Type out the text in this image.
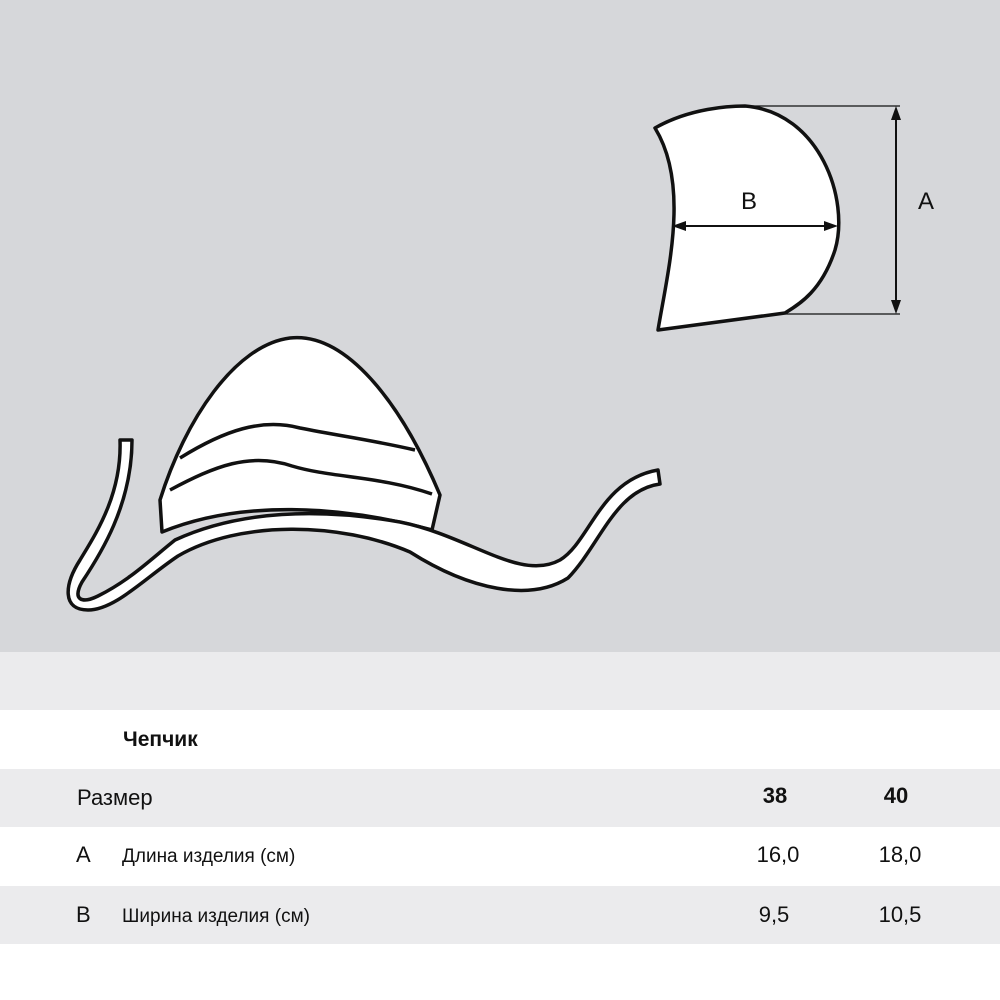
B	A
Чепчик
Размер	38	40
A Длина изделия (см)	16,0	18,0
B Ширина изделия (см)	9,5	10,5
